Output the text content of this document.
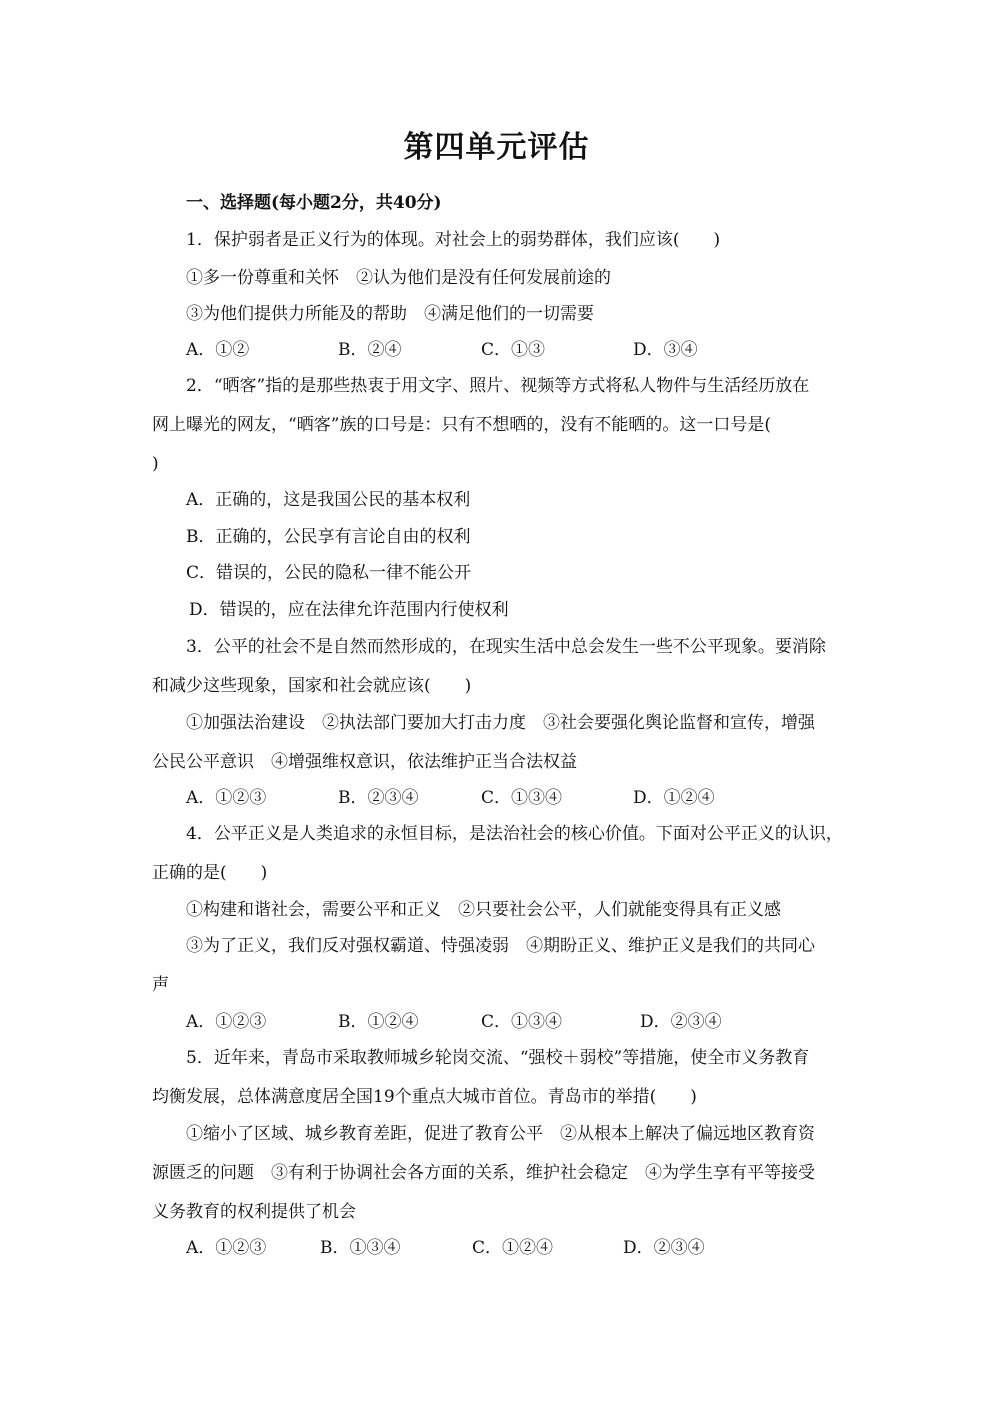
第四单元评估
一、选择题(每小题2分，共40分)
1．保护弱者是正义行为的体现。对社会上的弱势群体，我们应该(　　)
①多一份尊重和关怀　②认为他们是没有任何发展前途的
③为他们提供力所能及的帮助　④满足他们的一切需要
A．①②	B．②④	C．①③	D．③④
2．“晒客”指的是那些热衷于用文字、照片、视频等方式将私人物件与生活经历放在
网上曝光的网友，“晒客”族的口号是：只有不想晒的，没有不能晒的。这一口号是(
)
A．正确的，这是我国公民的基本权利
B．正确的，公民享有言论自由的权利
C．错误的，公民的隐私一律不能公开
D．错误的，应在法律允许范围内行使权利
3．公平的社会不是自然而然形成的，在现实生活中总会发生一些不公平现象。要消除
和减少这些现象，国家和社会就应该(　　)
①加强法治建设　②执法部门要加大打击力度　③社会要强化舆论监督和宣传，增强
公民公平意识　④增强维权意识，依法维护正当合法权益
A．①②③	B．②③④	C．①③④	D．①②④
4．公平正义是人类追求的永恒目标，是法治社会的核心价值。下面对公平正义的认识，
正确的是(　　)
①构建和谐社会，需要公平和正义　②只要社会公平，人们就能变得具有正义感
③为了正义，我们反对强权霸道、恃强凌弱　④期盼正义、维护正义是我们的共同心
声
A．①②③	B．①②④	C．①③④	D．②③④
5．近年来，青岛市采取教师城乡轮岗交流、“强校＋弱校”等措施，使全市义务教育
均衡发展，总体满意度居全国19个重点大城市首位。青岛市的举措(　　)
①缩小了区域、城乡教育差距，促进了教育公平　②从根本上解决了偏远地区教育资
源匮乏的问题　③有利于协调社会各方面的关系，维护社会稳定　④为学生享有平等接受
义务教育的权利提供了机会
A．①②③	B．①③④	C．①②④	D．②③④
